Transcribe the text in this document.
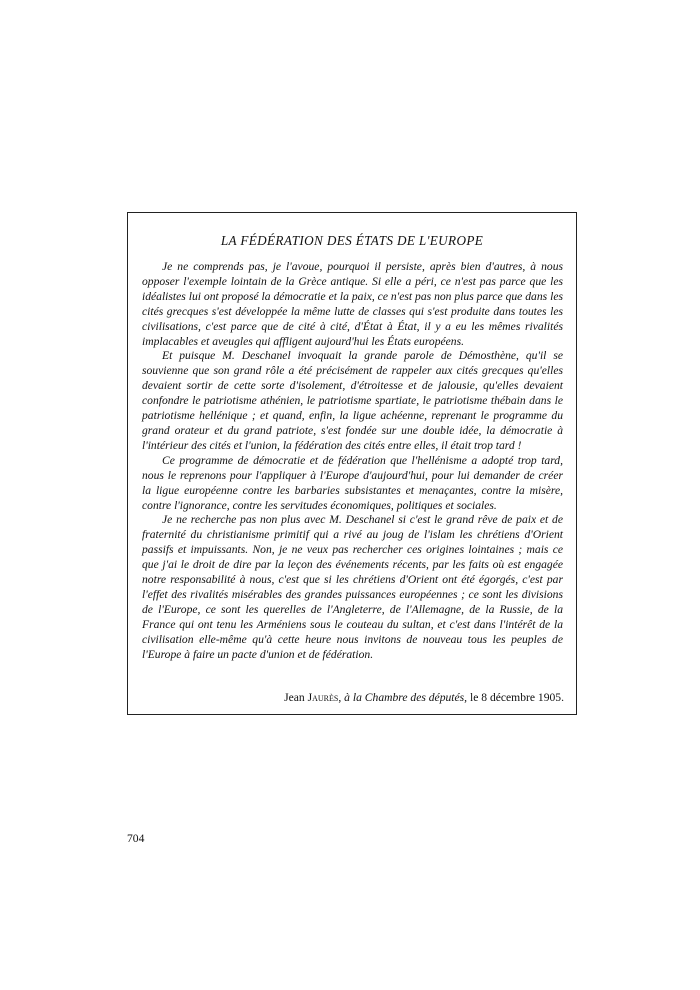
LA FÉDÉRATION DES ÉTATS DE L'EUROPE

Je ne comprends pas, je l'avoue, pourquoi il persiste, après bien d'autres, à nous opposer l'exemple lointain de la Grèce antique. Si elle a péri, ce n'est pas parce que les idéalistes lui ont proposé la démocratie et la paix, ce n'est pas non plus parce que dans les cités grecques s'est développée la même lutte de classes qui s'est produite dans toutes les civilisations, c'est parce que de cité à cité, d'État à État, il y a eu les mêmes rivalités implacables et aveugles qui affligent aujourd'hui les États européens.

Et puisque M. Deschanel invoquait la grande parole de Démosthène, qu'il se souvienne que son grand rôle a été précisément de rappeler aux cités grecques qu'elles devaient sortir de cette sorte d'isolement, d'étroitesse et de jalousie, qu'elles devaient confondre le patriotisme athénien, le patriotisme spartiate, le patriotisme thébain dans le patriotisme hellénique ; et quand, enfin, la ligue achéenne, reprenant le programme du grand orateur et du grand patriote, s'est fondée sur une double idée, la démocratie à l'intérieur des cités et l'union, la fédération des cités entre elles, il était trop tard !

Ce programme de démocratie et de fédération que l'hellénisme a adopté trop tard, nous le reprenons pour l'appliquer à l'Europe d'aujourd'hui, pour lui demander de créer la ligue européenne contre les barbaries subsistantes et menaçantes, contre la misère, contre l'ignorance, contre les servitudes économiques, politiques et sociales.

Je ne recherche pas non plus avec M. Deschanel si c'est le grand rêve de paix et de fraternité du christianisme primitif qui a rivé au joug de l'islam les chrétiens d'Orient passifs et impuissants. Non, je ne veux pas rechercher ces origines lointaines ; mais ce que j'ai le droit de dire par la leçon des événements récents, par les faits où est engagée notre responsabilité à nous, c'est que si les chrétiens d'Orient ont été égorgés, c'est par l'effet des rivalités misérables des grandes puissances européennes ; ce sont les divisions de l'Europe, ce sont les querelles de l'Angleterre, de l'Allemagne, de la Russie, de la France qui ont tenu les Arméniens sous le couteau du sultan, et c'est dans l'intérêt de la civilisation elle-même qu'à cette heure nous invitons de nouveau tous les peuples de l'Europe à faire un pacte d'union et de fédération.

Jean Jaurès, à la Chambre des députés, le 8 décembre 1905.
704
